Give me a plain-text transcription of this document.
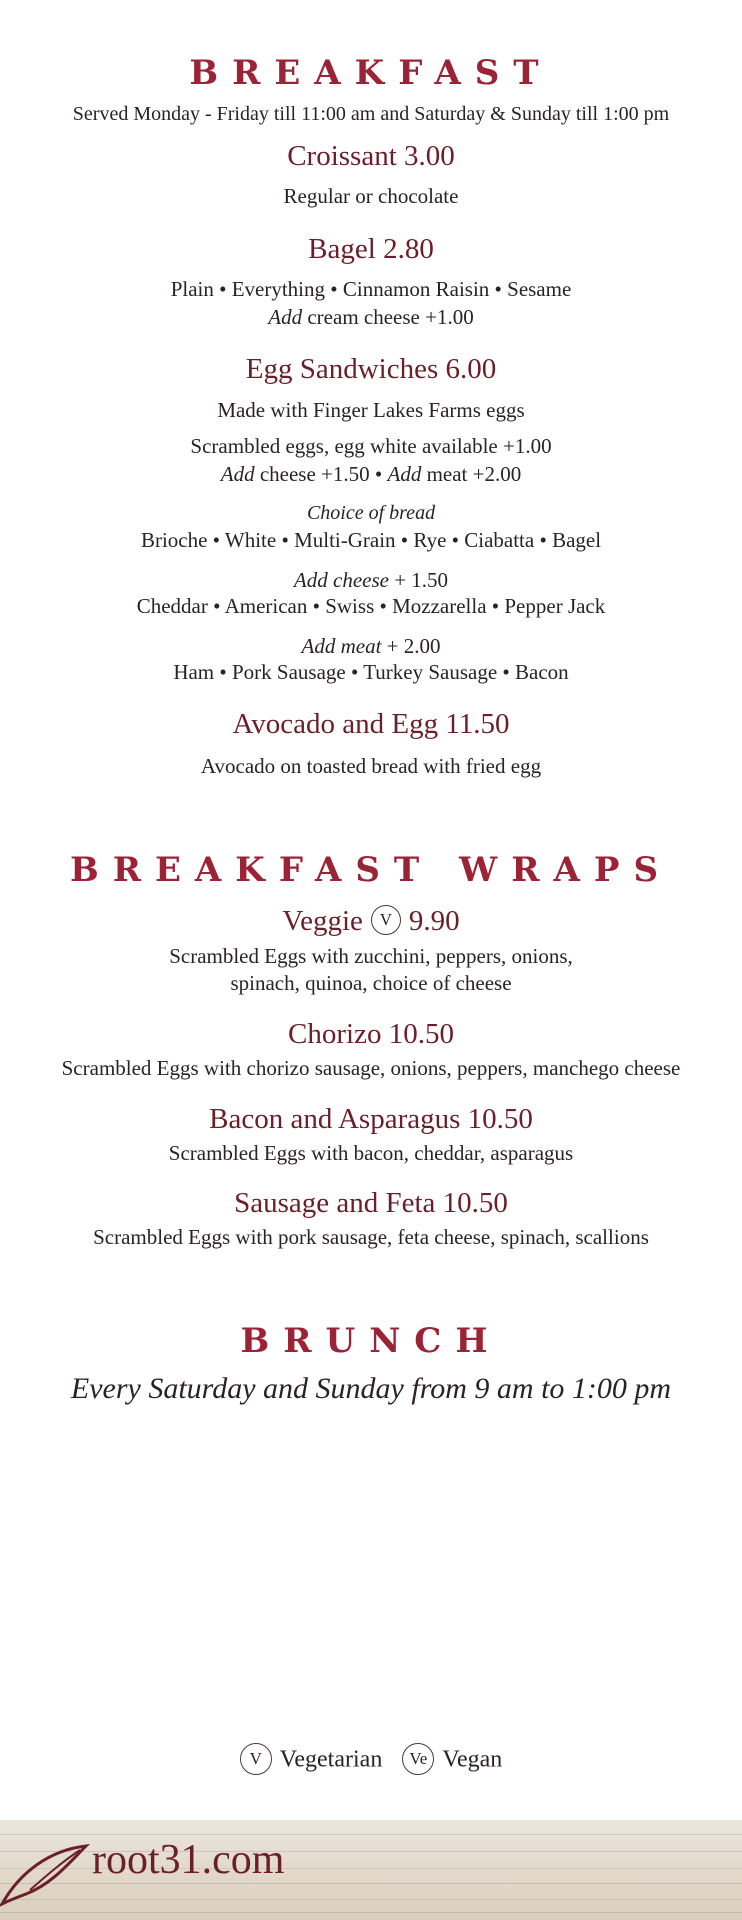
BREAKFAST
Served Monday - Friday till 11:00 am and Saturday & Sunday till 1:00 pm
Croissant 3.00
Regular or chocolate
Bagel 2.80
Plain • Everything • Cinnamon Raisin • Sesame
Add cream cheese +1.00
Egg Sandwiches 6.00
Made with Finger Lakes Farms eggs
Scrambled eggs, egg white available +1.00
Add cheese +1.50 • Add meat +2.00
Choice of bread
Brioche • White • Multi-Grain • Rye • Ciabatta • Bagel
Add cheese + 1.50
Cheddar • American • Swiss • Mozzarella • Pepper Jack
Add meat + 2.00
Ham • Pork Sausage • Turkey Sausage • Bacon
Avocado and Egg 11.50
Avocado on toasted bread with fried egg
BREAKFAST WRAPS
Veggie V 9.90
Scrambled Eggs with zucchini, peppers, onions,
spinach, quinoa, choice of cheese
Chorizo 10.50
Scrambled Eggs with chorizo sausage, onions, peppers, manchego cheese
Bacon and Asparagus 10.50
Scrambled Eggs with bacon, cheddar, asparagus
Sausage and Feta 10.50
Scrambled Eggs with pork sausage, feta cheese, spinach, scallions
BRUNCH
Every Saturday and Sunday from 9 am to 1:00 pm
V Vegetarian Ve Vegan
root31.com
